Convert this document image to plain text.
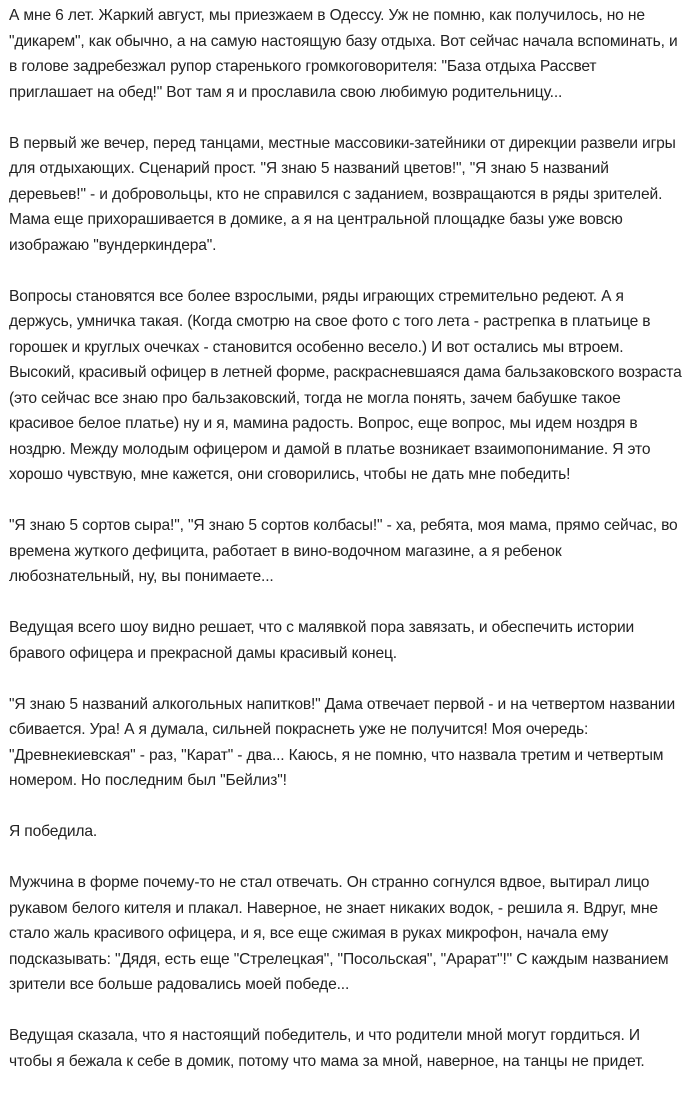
А мне 6 лет. Жаркий август, мы приезжаем в Одессу. Уж не помню, как получилось, но не "дикарем", как обычно, а на самую настоящую базу отдыха. Вот сейчас начала вспоминать, и в голове задребезжал рупор старенького громкоговорителя: "База отдыха Рассвет приглашает на обед!" Вот там я и прославила свою любимую родительницу...

В первый же вечер, перед танцами, местные массовики-затейники от дирекции развели игры для отдыхающих. Сценарий прост. "Я знаю 5 названий цветов!", "Я знаю 5 названий деревьев!" - и добровольцы, кто не справился с заданием, возвращаются в ряды зрителей. Мама еще прихорашивается в домике, а я на центральной площадке базы уже вовсю изображаю "вундеркиндера".

Вопросы становятся все более взрослыми, ряды играющих стремительно редеют. А я держусь, умничка такая. (Когда смотрю на свое фото с того лета - растрепка в платьице в горошек и круглых очечках - становится особенно весело.) И вот остались мы втроем. Высокий, красивый офицер в летней форме, раскрасневшаяся дама бальзаковского возраста (это сейчас все знаю про бальзаковский, тогда не могла понять, зачем бабушке такое красивое белое платье) ну и я, мамина радость. Вопрос, еще вопрос, мы идем ноздря в ноздрю. Между молодым офицером и дамой в платье возникает взаимопонимание. Я это хорошо чувствую, мне кажется, они сговорились, чтобы не дать мне победить!

"Я знаю 5 сортов сыра!", "Я знаю 5 сортов колбасы!" - ха, ребята, моя мама, прямо сейчас, во времена жуткого дефицита, работает в вино-водочном магазине, а я ребенок любознательный, ну, вы понимаете...

Ведущая всего шоу видно решает, что с малявкой пора завязать, и обеспечить истории бравого офицера и прекрасной дамы красивый конец.

"Я знаю 5 названий алкогольных напитков!" Дама отвечает первой - и на четвертом названии сбивается. Ура! А я думала, сильней покраснеть уже не получится! Моя очередь: "Древнекиевская" - раз, "Карат" - два... Каюсь, я не помню, что назвала третим и четвертым номером. Но последним был "Бейлиз"!

Я победила.

Мужчина в форме почему-то не стал отвечать. Он странно согнулся вдвое, вытирал лицо рукавом белого кителя и плакал. Наверное, не знает никаких водок, - решила я. Вдруг, мне стало жаль красивого офицера, и я, все еще сжимая в руках микрофон, начала ему подсказывать: "Дядя, есть еще "Стрелецкая", "Посольская", "Арарат"!" С каждым названием зрители все больше радовались моей победе...

Ведущая сказала, что я настоящий победитель, и что родители мной могут гордиться. И чтобы я бежала к себе в домик, потому что мама за мной, наверное, на танцы не придет.
